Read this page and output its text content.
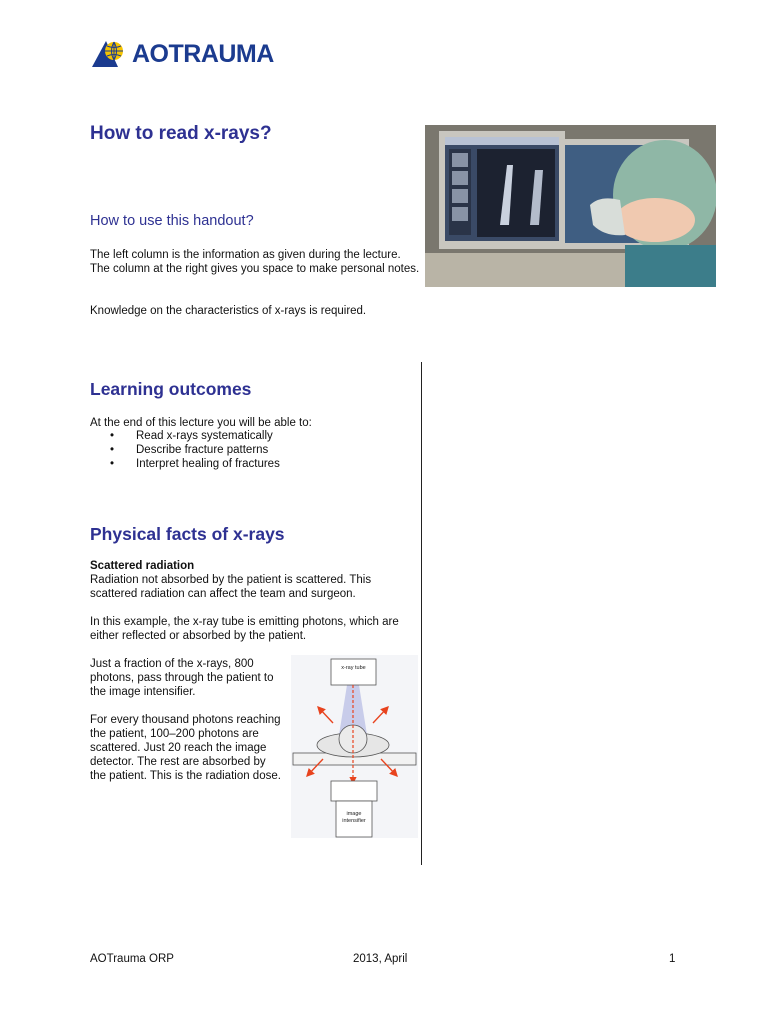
AOTRAUMA
How to read x-rays?
How to use this handout?
The left column is the information as given during the lecture. The column at the right gives you space to make personal notes.
Knowledge on the characteristics of x-rays is required.
Learning outcomes
At the end of this lecture you will be able to:
• Read x-rays systematically
• Describe fracture patterns
• Interpret healing of fractures
Physical facts of x-rays
Scattered radiation
Radiation not absorbed by the patient is scattered. This scattered radiation can affect the team and surgeon.
In this example, the x-ray tube is emitting photons, which are either reflected or absorbed by the patient.
Just a fraction of the x-rays, 800 photons, pass through the patient to the image intensifier.
For every thousand photons reaching the patient, 100–200 photons are scattered. Just 20 reach the image detector. The rest are absorbed by the patient. This is the radiation dose.
x-ray tube
image
intensifier
AOTrauma ORP	2013, April	1
